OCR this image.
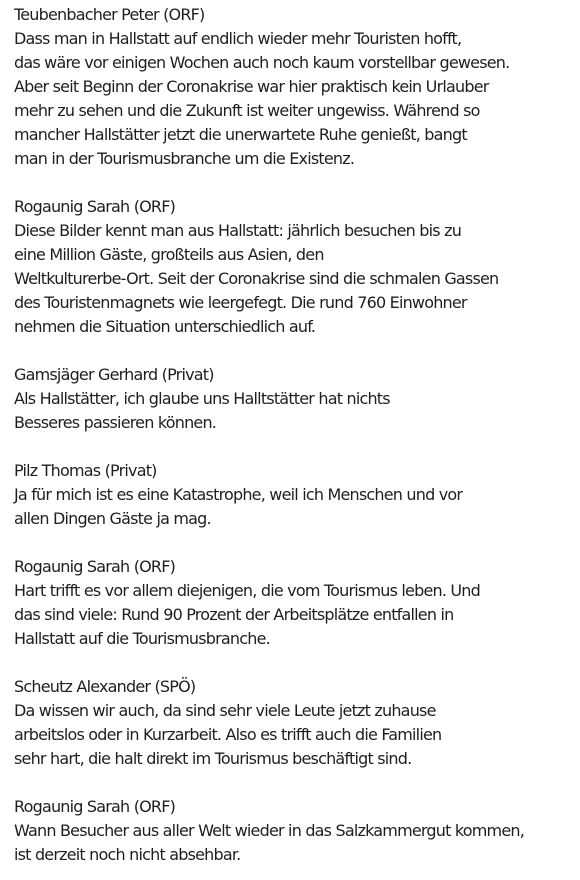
Teubenbacher Peter (ORF)

Dass man in Hallstatt auf endlich wieder mehr Touristen hofft,

das wäre vor einigen Wochen auch noch kaum vorstellbar gewesen.

Aber seit Beginn der Coronakrise war hier praktisch kein Urlauber

mehr zu sehen und die Zukunft ist weiter ungewiss. Während so

mancher Hallstätter jetzt die unerwartete Ruhe genießt, bangt

man in der Tourismusbranche um die Existenz.

Rogaunig Sarah (ORF)

Diese Bilder kennt man aus Hallstatt: jährlich besuchen bis zu

eine Million Gäste, großteils aus Asien, den

Weltkulturerbe-Ort. Seit der Coronakrise sind die schmalen Gassen

des Touristenmagnets wie leergefegt. Die rund 760 Einwohner

nehmen die Situation unterschiedlich auf.

Gamsjäger Gerhard (Privat)

Als Hallstätter, ich glaube uns Halltstätter hat nichts

Besseres passieren können.

Pilz Thomas (Privat)

Ja für mich ist es eine Katastrophe, weil ich Menschen und vor

allen Dingen Gäste ja mag.

Rogaunig Sarah (ORF)

Hart trifft es vor allem diejenigen, die vom Tourismus leben. Und

das sind viele: Rund 90 Prozent der Arbeitsplätze entfallen in

Hallstatt auf die Tourismusbranche.

Scheutz Alexander (SPÖ)

Da wissen wir auch, da sind sehr viele Leute jetzt zuhause

arbeitslos oder in Kurzarbeit. Also es trifft auch die Familien

sehr hart, die halt direkt im Tourismus beschäftigt sind.

Rogaunig Sarah (ORF)

Wann Besucher aus aller Welt wieder in das Salzkammergut kommen,

ist derzeit noch nicht absehbar.
